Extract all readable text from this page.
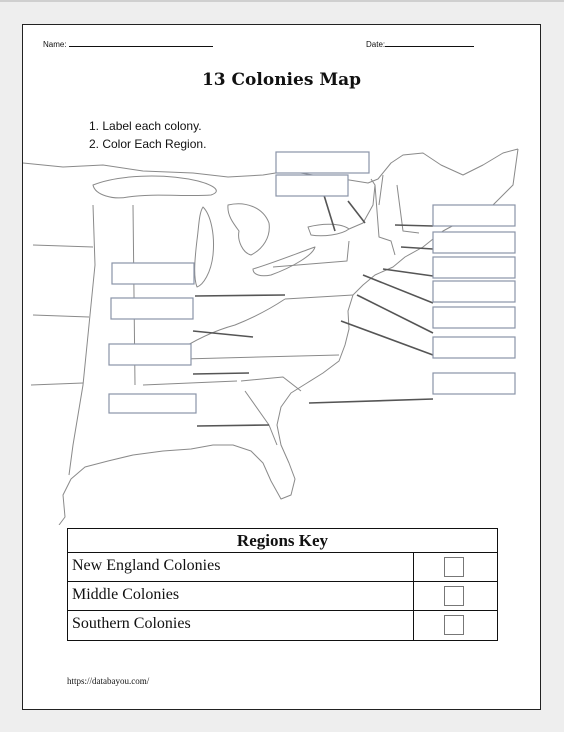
Name:	Date:
13 Colonies Map
1. Label each colony.
2. Color Each Region.
Regions Key
New England Colonies
Middle Colonies
Southern Colonies
https://databayou.com/
